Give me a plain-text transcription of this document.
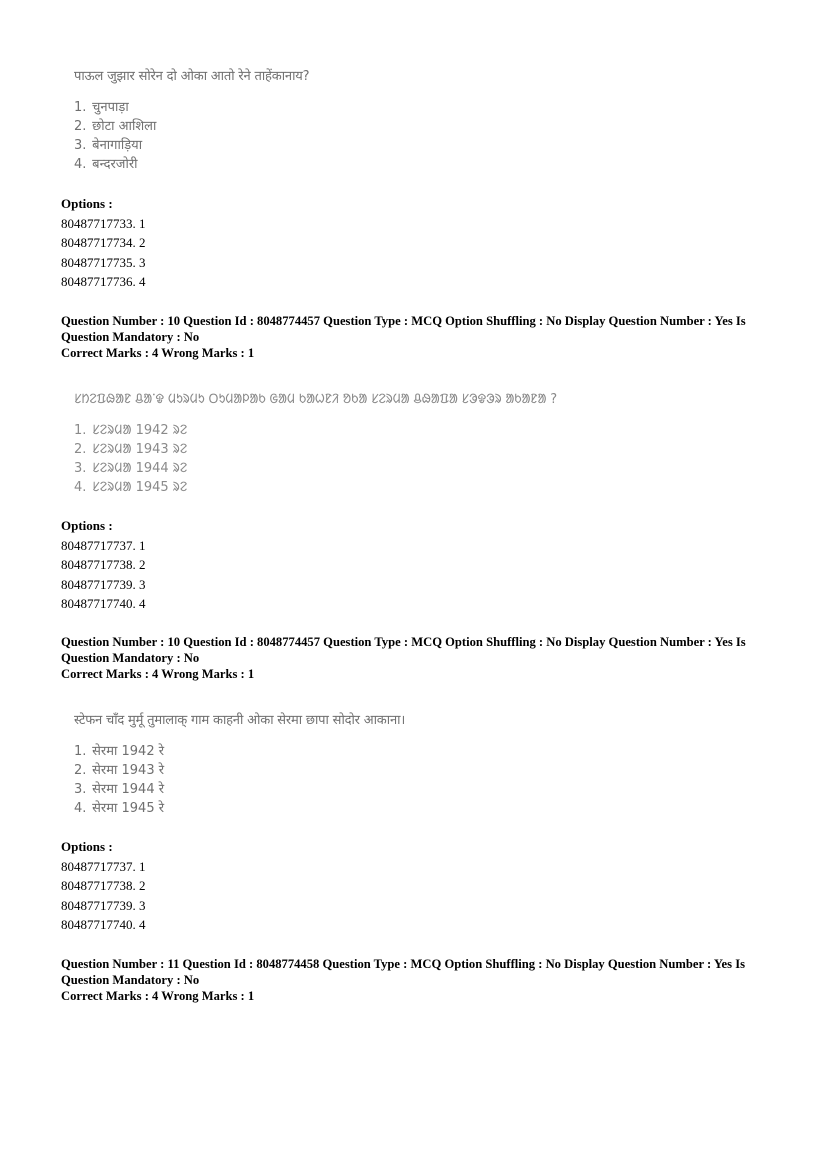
पाऊल जुझार सोरेन दो ओका आतो रेने ताहेंकानाय?
1. चुनपाड़ा
2. छोटा आशिला
3. बेनागाड़िया
4. बन्दरजोरी
Options :
80487717733. 1
80487717734. 2
80487717735. 3
80487717736. 4

Question Number : 10 Question Id : 8048774457 Question Type : MCQ Option Shuffling : No Display Question Number : Yes Is

Question Mandatory : No

Correct Marks : 4 Wrong Marks : 1

ᱥᱴᱮᱯᱷᱟᱱ ᱪᱟᱸᱫ ᱢᱩᱨᱢᱩ ᱛᱩᱢᱟᱞᱟᱠ ᱜᱟᱢ ᱠᱟᱦᱱᱤ ᱚᱠᱟ ᱥᱮᱨᱢᱟ ᱪᱷᱟᱯᱟ ᱥᱳᱫᱳᱨ ᱟᱠᱟᱱᱟ ?
1. ᱥᱮᱨᱢᱟ 1942 ᱨᱮ
2. ᱥᱮᱨᱢᱟ 1943 ᱨᱮ
3. ᱥᱮᱨᱢᱟ 1944 ᱨᱮ
4. ᱥᱮᱨᱢᱟ 1945 ᱨᱮ
Options :
80487717737. 1
80487717738. 2
80487717739. 3
80487717740. 4

Question Number : 10 Question Id : 8048774457 Question Type : MCQ Option Shuffling : No Display Question Number : Yes Is

Question Mandatory : No

Correct Marks : 4 Wrong Marks : 1

स्टेफन चाँद मुर्मू तुमालाक् गाम काहनी ओका सेरमा छापा सोदोर आकाना।
1. सेरमा 1942 रे
2. सेरमा 1943 रे
3. सेरमा 1944 रे
4. सेरमा 1945 रे
Options :
80487717737. 1
80487717738. 2
80487717739. 3
80487717740. 4

Question Number : 11 Question Id : 8048774458 Question Type : MCQ Option Shuffling : No Display Question Number : Yes Is

Question Mandatory : No

Correct Marks : 4 Wrong Marks : 1
